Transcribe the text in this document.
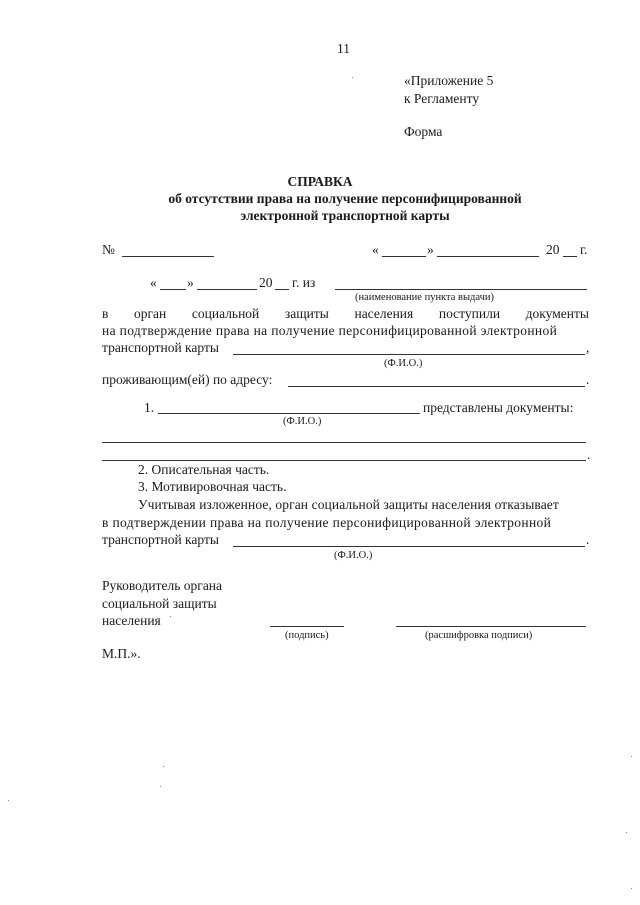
11
«Приложение 5
к Регламенту
Форма
СПРАВКА
об отсутствии права на получение персонифицированной
электронной транспортной карты
№	«	»	20 г.
« »	20 г. из
(наименование пункта выдачи)
в орган социальной защиты населения поступили документы
на подтверждение права на получение персонифицированной электронной
транспортной карты	,
(Ф.И.О.)
проживающим(ей) по адресу:	.
1.	представлены документы:
(Ф.И.О.)
.
2. Описательная часть.
3. Мотивировочная часть.
Учитывая изложенное, орган социальной защиты населения отказывает
в подтверждении права на получение персонифицированной электронной
транспортной карты	.
(Ф.И.О.)
Руководитель органа
социальной защиты
населения
(подпись)	(расшифровка подписи)
М.П.».
